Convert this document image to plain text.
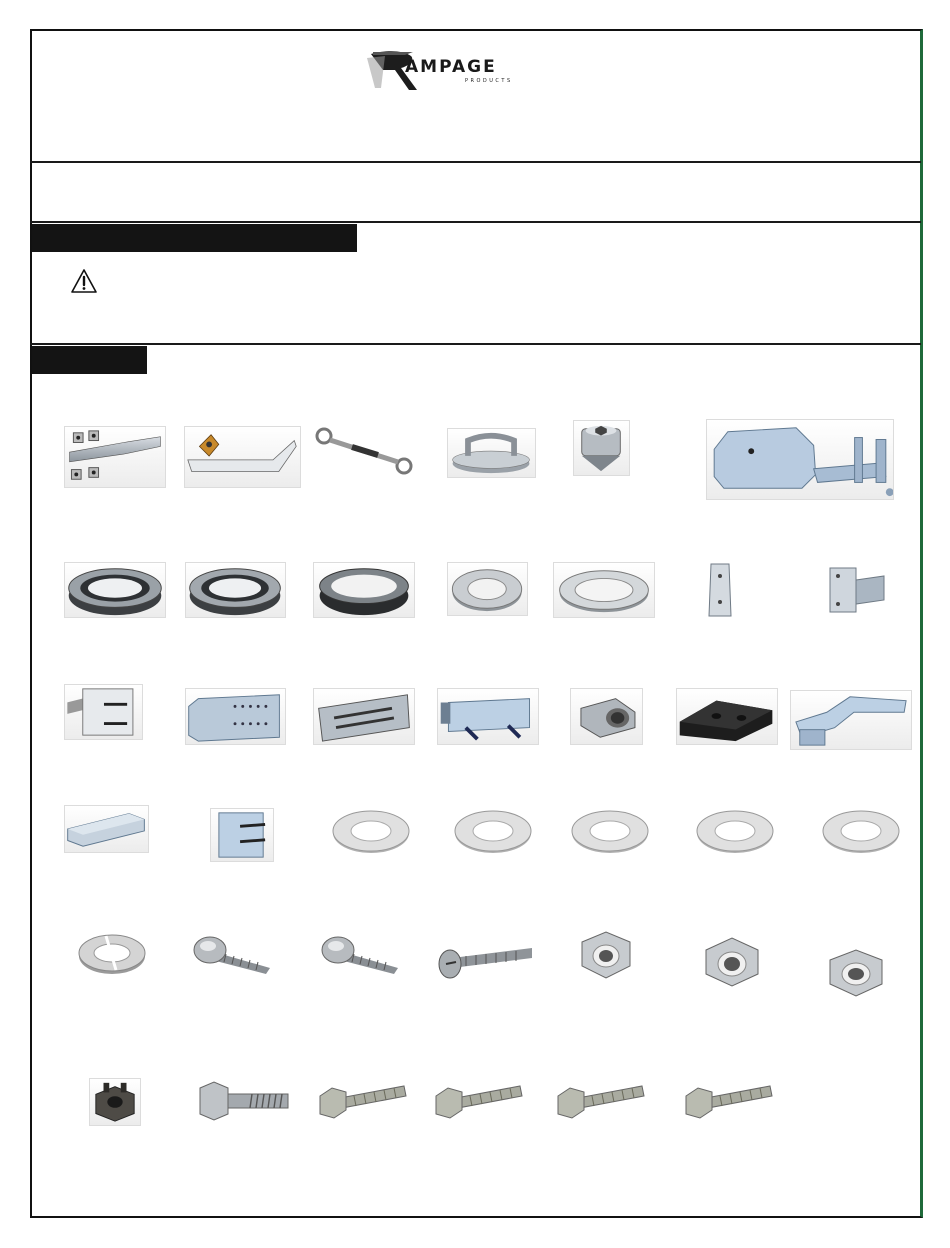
AMPAGE
PRODUCTS
